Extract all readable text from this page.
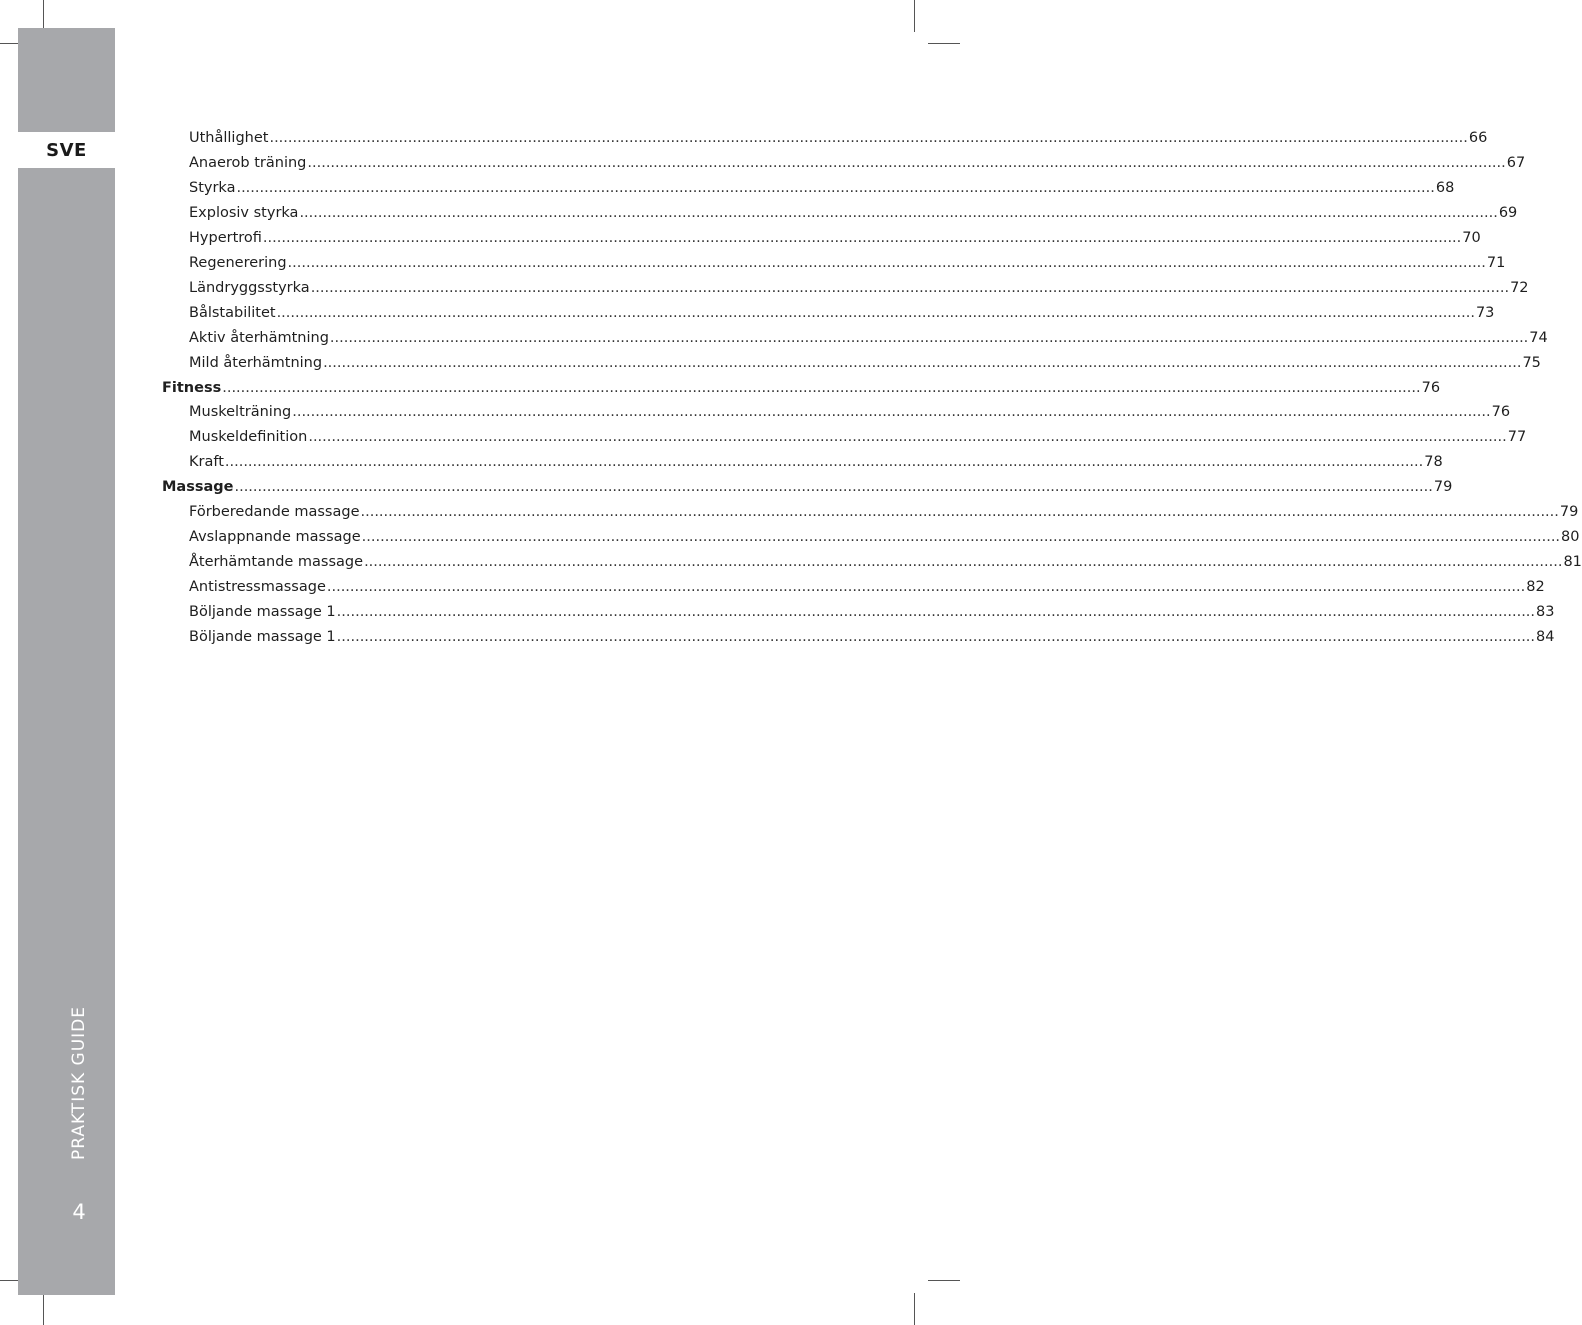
SVE
PRAKTISK GUIDE
4
Uthållighet .................................................................................................................................................................................................................................................................... 66
Anaerob träning .................................................................................................................................................................................................................................................................... 67
Styrka .................................................................................................................................................................................................................................................................... 68
Explosiv styrka .................................................................................................................................................................................................................................................................... 69
Hypertrofi .................................................................................................................................................................................................................................................................... 70
Regenerering .................................................................................................................................................................................................................................................................... 71
Ländryggsstyrka .................................................................................................................................................................................................................................................................... 72
Bålstabilitet .................................................................................................................................................................................................................................................................... 73
Aktiv återhämtning .................................................................................................................................................................................................................................................................... 74
Mild återhämtning .................................................................................................................................................................................................................................................................... 75
Fitness .................................................................................................................................................................................................................................................................... 76
Muskelträning .................................................................................................................................................................................................................................................................... 76
Muskeldefinition .................................................................................................................................................................................................................................................................... 77
Kraft .................................................................................................................................................................................................................................................................... 78
Massage .................................................................................................................................................................................................................................................................... 79
Förberedande massage .................................................................................................................................................................................................................................................................... 79
Avslappnande massage .................................................................................................................................................................................................................................................................... 80
Återhämtande massage .................................................................................................................................................................................................................................................................... 81
Antistressmassage .................................................................................................................................................................................................................................................................... 82
Böljande massage 1 .................................................................................................................................................................................................................................................................... 83
Böljande massage 1 .................................................................................................................................................................................................................................................................... 84
